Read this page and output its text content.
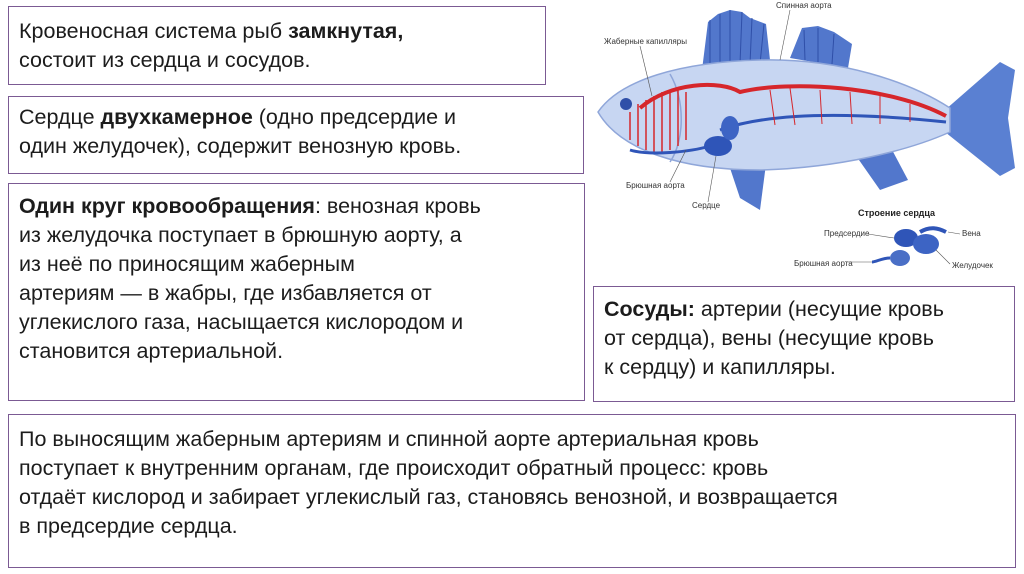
Кровеносная система рыб замкнутая,
состоит из сердца и сосудов.
Сердце двухкамерное (одно предсердие и
один желудочек), содержит венозную кровь.
Один круг кровообращения: венозная кровь
из желудочка поступает в брюшную аорту, а
из неё по приносящим жаберным
артериям — в жабры, где избавляется от
углекислого газа, насыщается кислородом и
становится артериальной.
Сосуды: артерии (несущие кровь
от сердца), вены (несущие кровь
к сердцу) и капилляры.
По выносящим жаберным артериям и спинной аорте артериальная кровь
поступает к внутренним органам, где происходит обратный процесс: кровь
отдаёт кислород и забирает углекислый газ, становясь венозной, и возвращается
в предсердие сердца.
Спинная аорта
Жаберные капилляры
Брюшная аорта
Сердце
Строение сердца
Предсердие	Вена
Брюшная аорта	Желудочек
